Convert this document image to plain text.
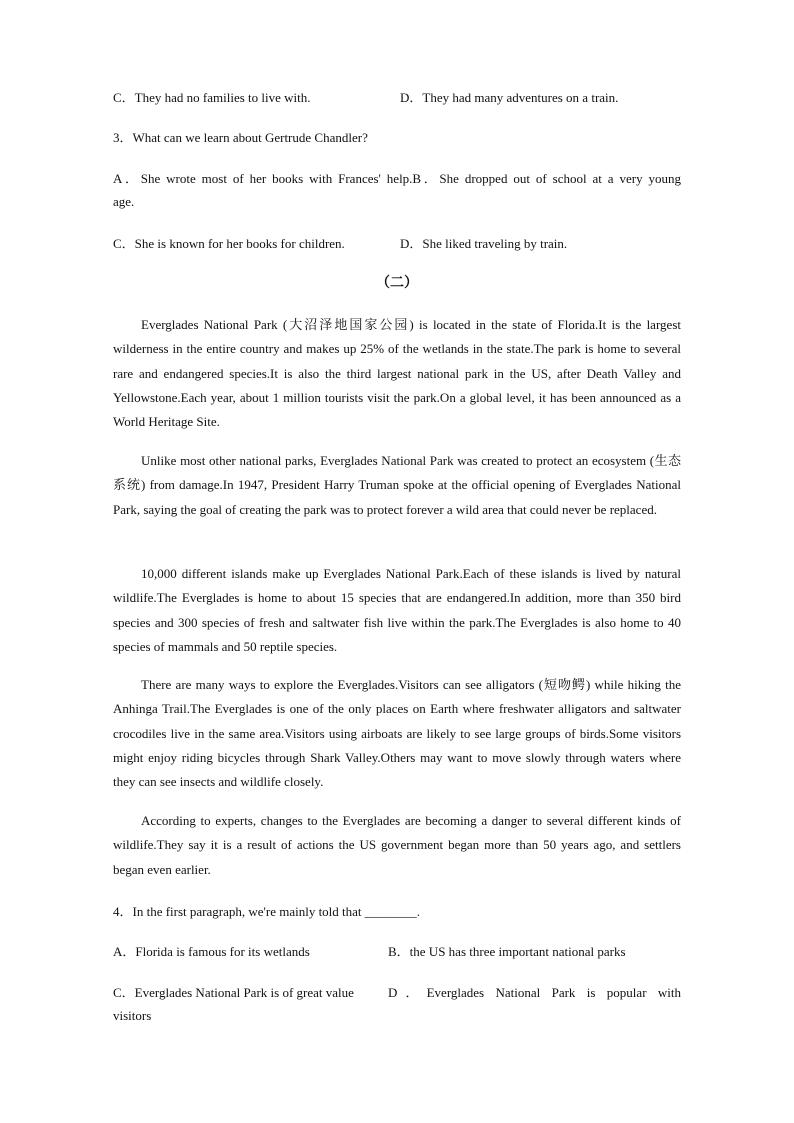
C．They had no families to live with.	D．They had many adventures on a train.
3．What can we learn about Gertrude Chandler?
A．She wrote most of her books with Frances' help.B．She dropped out of school at a very young
age.
C．She is known for her books for children.	D．She liked traveling by train.
（二）

Everglades National Park (大沼泽地国家公园) is located in the state of Florida.It is the largest wilderness in the entire country and makes up 25% of the wetlands in the state.The park is home to several rare and endangered species.It is also the third largest national park in the US, after Death Valley and Yellowstone.Each year, about 1 million tourists visit the park.On a global level, it has been announced as a World Heritage Site.

Unlike most other national parks, Everglades National Park was created to protect an ecosystem (生态系统) from damage.In 1947, President Harry Truman spoke at the official opening of Everglades National Park, saying the goal of creating the park was to protect forever a wild area that could never be replaced.

10,000 different islands make up Everglades National Park.Each of these islands is lived by natural wildlife.The Everglades is home to about 15 species that are endangered.In addition, more than 350 bird species and 300 species of fresh and saltwater fish live within the park.The Everglades is also home to 40 species of mammals and 50 reptile species.

There are many ways to explore the Everglades.Visitors can see alligators (短吻鳄) while hiking the Anhinga Trail.The Everglades is one of the only places on Earth where freshwater alligators and saltwater crocodiles live in the same area.Visitors using airboats are likely to see large groups of birds.Some visitors might enjoy riding bicycles through Shark Valley.Others may want to move slowly through waters where they can see insects and wildlife closely.

According to experts, changes to the Everglades are becoming a danger to several different kinds of wildlife.They say it is a result of actions the US government began more than 50 years ago, and settlers began even earlier.

4．In the first paragraph, we're mainly told that ________.
A．Florida is famous for its wetlands	B．the US has three important national parks
C．Everglades National Park is of great value	D．Everglades National Park is popular with
visitors
